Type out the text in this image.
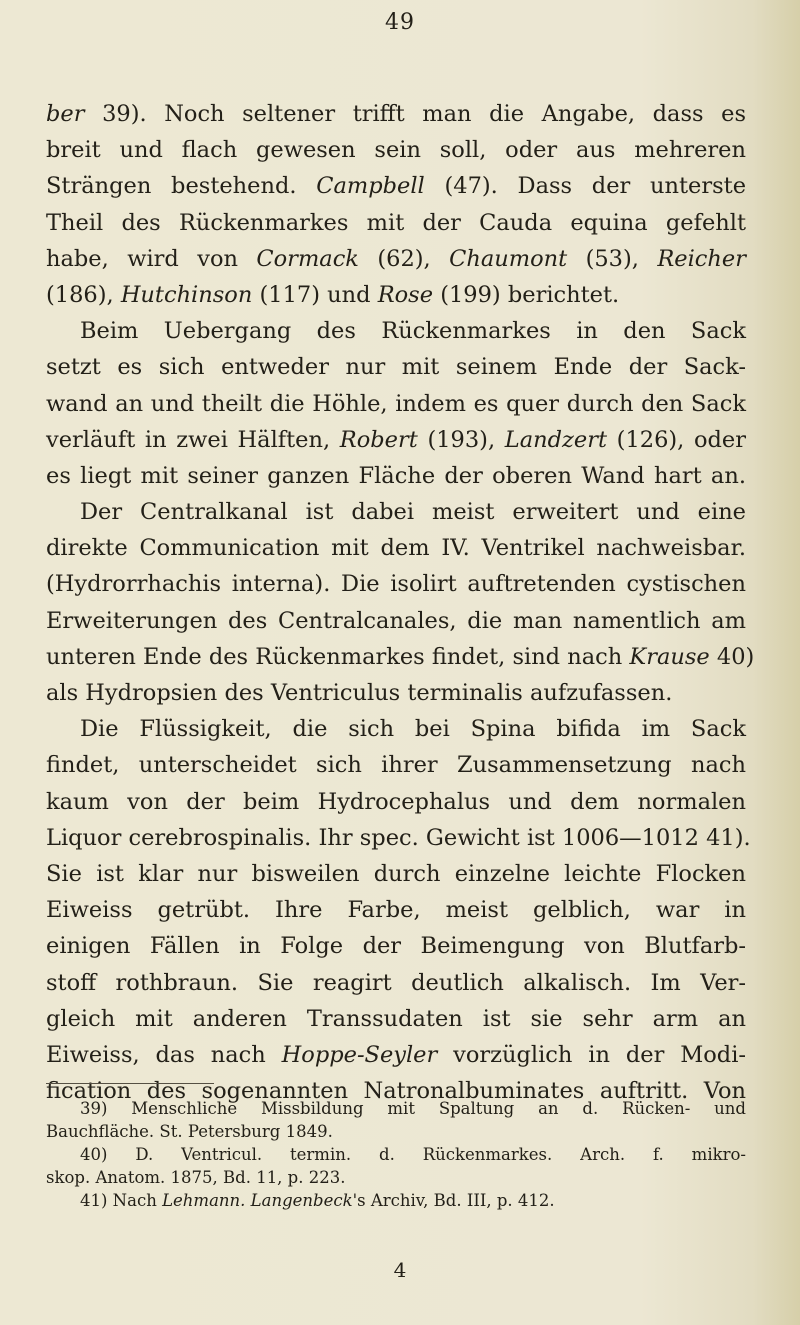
49
ber 39). Noch seltener trifft man die Angabe, dass es
breit und flach gewesen sein soll, oder aus mehreren
Strängen bestehend. Campbell (47). Dass der unterste
Theil des Rückenmarkes mit der Cauda equina gefehlt
habe, wird von Cormack (62), Chaumont (53), Reicher
(186), Hutchinson (117) und Rose (199) berichtet.
Beim Uebergang des Rückenmarkes in den Sack
setzt es sich entweder nur mit seinem Ende der Sack-
wand an und theilt die Höhle, indem es quer durch den Sack
verläuft in zwei Hälften, Robert (193), Landzert (126), oder
es liegt mit seiner ganzen Fläche der oberen Wand hart an.
Der Centralkanal ist dabei meist erweitert und eine
direkte Communication mit dem IV. Ventrikel nachweisbar.
(Hydrorrhachis interna). Die isolirt auftretenden cystischen
Erweiterungen des Centralcanales, die man namentlich am
unteren Ende des Rückenmarkes findet, sind nach Krause 40)
als Hydropsien des Ventriculus terminalis aufzufassen.
Die Flüssigkeit, die sich bei Spina bifida im Sack
findet, unterscheidet sich ihrer Zusammensetzung nach
kaum von der beim Hydrocephalus und dem normalen
Liquor cerebrospinalis. Ihr spec. Gewicht ist 1006—1012 41).
Sie ist klar nur bisweilen durch einzelne leichte Flocken
Eiweiss getrübt. Ihre Farbe, meist gelblich, war in
einigen Fällen in Folge der Beimengung von Blutfarb-
stoff rothbraun. Sie reagirt deutlich alkalisch. Im Ver-
gleich mit anderen Transsudaten ist sie sehr arm an
Eiweiss, das nach Hoppe-Seyler vorzüglich in der Modi-
fication des sogenannten Natronalbuminates auftritt. Von
39) Menschliche Missbildung mit Spaltung an d. Rücken- und
Bauchfläche. St. Petersburg 1849.
40) D. Ventricul. termin. d. Rückenmarkes. Arch. f. mikro-
skop. Anatom. 1875, Bd. 11, p. 223.
41) Nach Lehmann. Langenbeck's Archiv, Bd. III, p. 412.
4
